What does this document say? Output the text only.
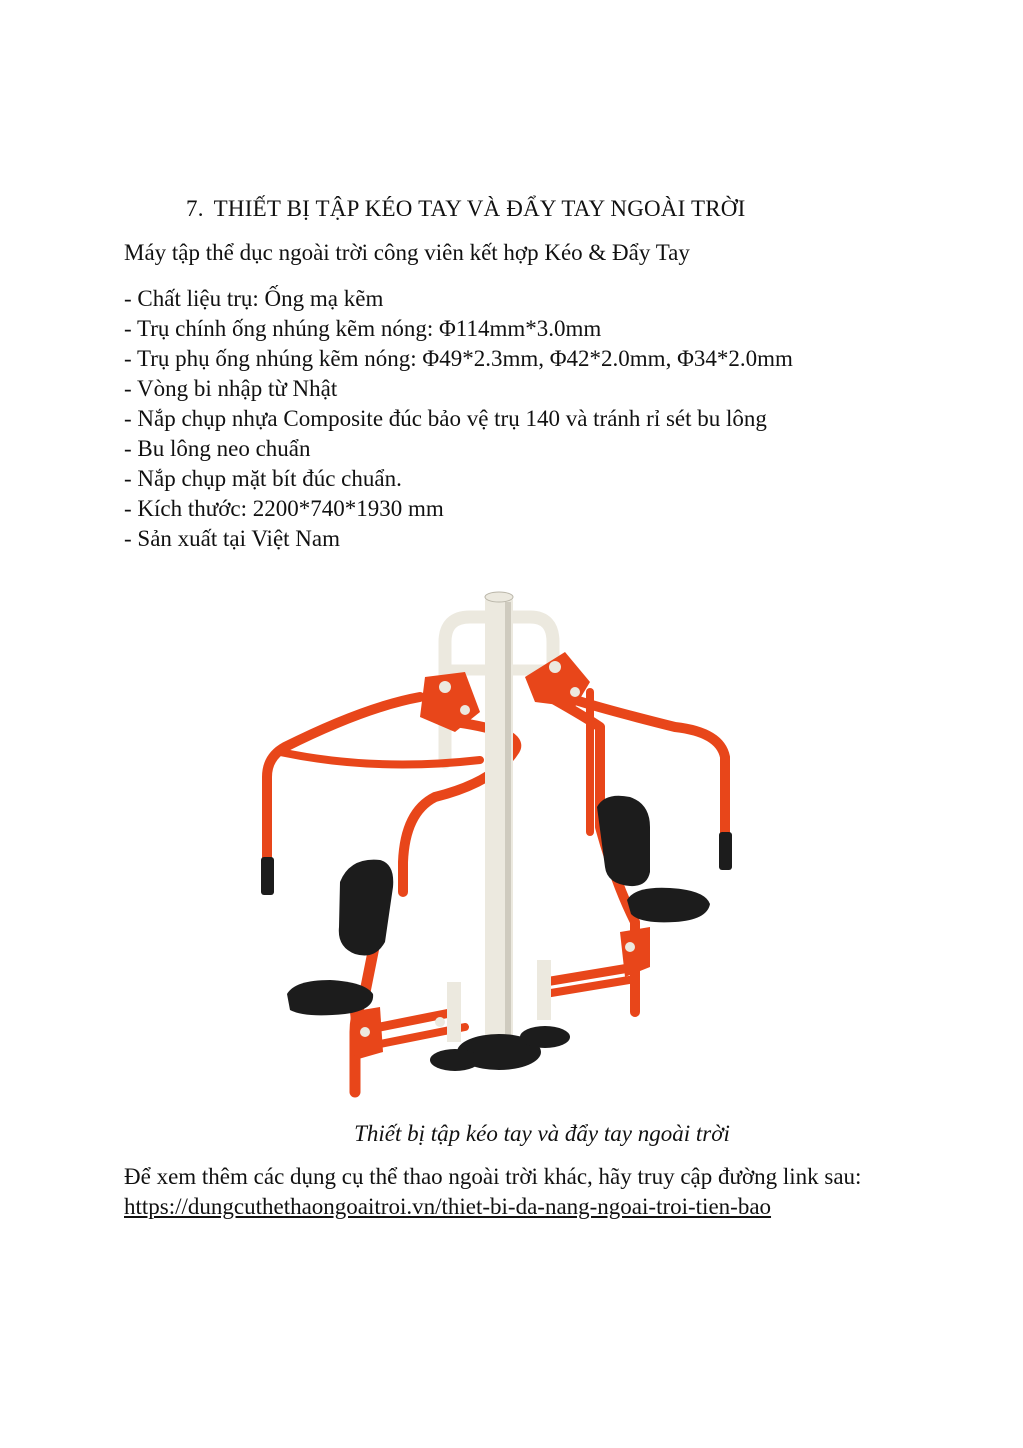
7. THIẾT BỊ TẬP KÉO TAY VÀ ĐẨY TAY NGOÀI TRỜI
Máy tập thể dục ngoài trời công viên kết hợp Kéo & Đẩy Tay
- Chất liệu trụ: Ống mạ kẽm
- Trụ chính ống nhúng kẽm nóng: Φ114mm*3.0mm
- Trụ phụ ống nhúng kẽm nóng: Φ49*2.3mm, Φ42*2.0mm, Φ34*2.0mm
- Vòng bi nhập từ Nhật
- Nắp chụp nhựa Composite đúc bảo vệ trụ 140 và tránh rỉ sét bu lông
- Bu lông neo chuẩn
- Nắp chụp mặt bít đúc chuẩn.
- Kích thước: 2200*740*1930 mm
- Sản xuất tại Việt Nam
Thiết bị tập kéo tay và đẩy tay ngoài trời
Để xem thêm các dụng cụ thể thao ngoài trời khác, hãy truy cập đường link sau:
https://dungcuthethaongoaitroi.vn/thiet-bi-da-nang-ngoai-troi-tien-bao
